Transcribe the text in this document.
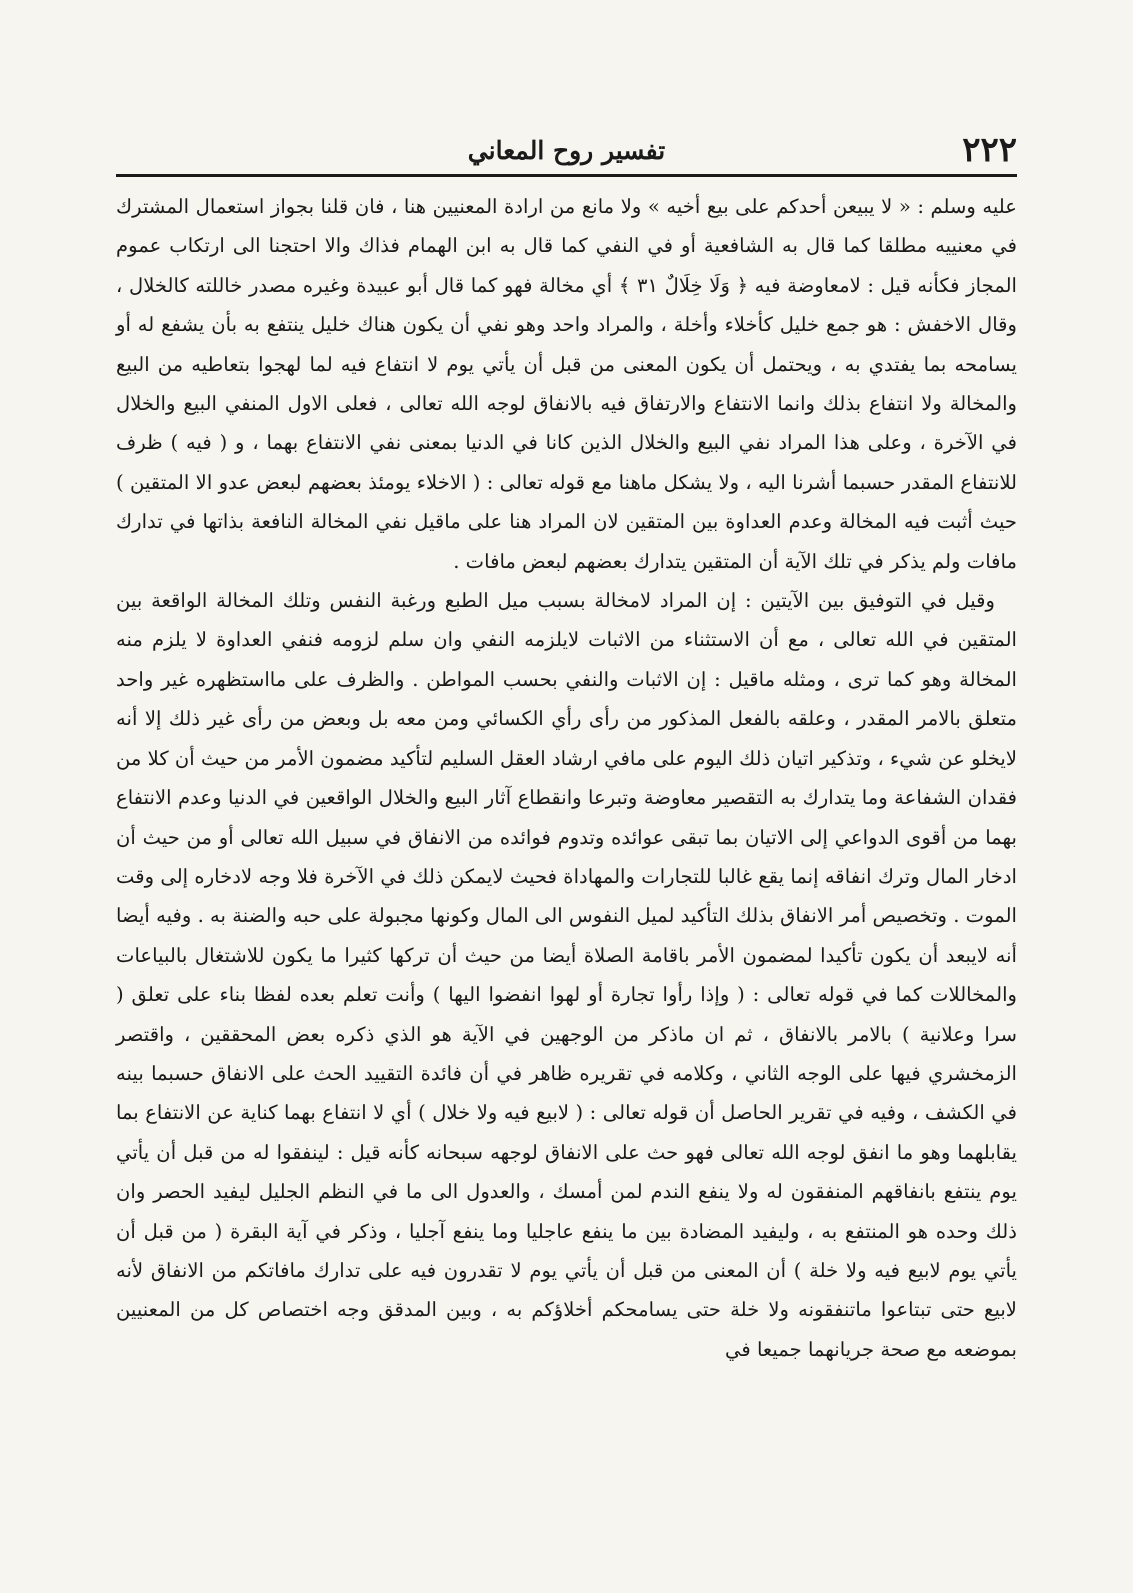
٢٢٢
تفسير روح المعاني

عليه وسلم : « لا يبيعن أحدكم على بيع أخيه » ولا مانع من ارادة المعنيين هنا ، فان قلنا بجواز استعمال المشترك في معنييه مطلقا كما قال به الشافعية أو في النفي كما قال به ابن الهمام فذاك والا احتجنا الى ارتكاب عموم المجاز فكأنه قيل : لامعاوضة فيه ﴿ وَلَا خِلَالٌ ٣١ ﴾ أي مخالة فهو كما قال أبو عبيدة وغيره مصدر خاللته كالخلال ، وقال الاخفش : هو جمع خليل كأخلاء وأخلة ، والمراد واحد وهو نفي أن يكون هناك خليل ينتفع به بأن يشفع له أو يسامحه بما يفتدي به ، ويحتمل أن يكون المعنى من قبل أن يأتي يوم لا انتفاع فيه لما لهجوا بتعاطيه من البيع والمخالة ولا انتفاع بذلك وانما الانتفاع والارتفاق فيه بالانفاق لوجه الله تعالى ، فعلى الاول المنفي البيع والخلال في الآخرة ، وعلى هذا المراد نفي البيع والخلال الذين كانا في الدنيا بمعنى نفي الانتفاع بهما ، و ( فيه ) ظرف للانتفاع المقدر حسبما أشرنا اليه ، ولا يشكل ماهنا مع قوله تعالى : ( الاخلاء يومئذ بعضهم لبعض عدو الا المتقين ) حيث أثبت فيه المخالة وعدم العداوة بين المتقين لان المراد هنا على ماقيل نفي المخالة النافعة بذاتها في تدارك مافات ولم يذكر في تلك الآية أن المتقين يتدارك بعضهم لبعض مافات .

وقيل في التوفيق بين الآيتين : إن المراد لامخالة بسبب ميل الطبع ورغبة النفس وتلك المخالة الواقعة بين المتقين في الله تعالى ، مع أن الاستثناء من الاثبات لايلزمه النفي وان سلم لزومه فنفي العداوة لا يلزم منه المخالة وهو كما ترى ، ومثله ماقيل : إن الاثبات والنفي بحسب المواطن . والظرف على مااستظهره غير واحد متعلق بالامر المقدر ، وعلقه بالفعل المذكور من رأى رأي الكسائي ومن معه بل وبعض من رأى غير ذلك إلا أنه لايخلو عن شيء ، وتذكير اتيان ذلك اليوم على مافي ارشاد العقل السليم لتأكيد مضمون الأمر من حيث أن كلا من فقدان الشفاعة وما يتدارك به التقصير معاوضة وتبرعا وانقطاع آثار البيع والخلال الواقعين في الدنيا وعدم الانتفاع بهما من أقوى الدواعي إلى الاتيان بما تبقى عوائده وتدوم فوائده من الانفاق في سبيل الله تعالى أو من حيث أن ادخار المال وترك انفاقه إنما يقع غالبا للتجارات والمهاداة فحيث لايمكن ذلك في الآخرة فلا وجه لادخاره إلى وقت الموت . وتخصيص أمر الانفاق بذلك التأكيد لميل النفوس الى المال وكونها مجبولة على حبه والضنة به . وفيه أيضا أنه لايبعد أن يكون تأكيدا لمضمون الأمر باقامة الصلاة أيضا من حيث أن تركها كثيرا ما يكون للاشتغال بالبياعات والمخاللات كما في قوله تعالى : ( وإذا رأوا تجارة أو لهوا انفضوا اليها ) وأنت تعلم بعده لفظا بناء على تعلق ( سرا وعلانية ) بالامر بالانفاق ، ثم ان ماذكر من الوجهين في الآية هو الذي ذكره بعض المحققين ، واقتصر الزمخشري فيها على الوجه الثاني ، وكلامه في تقريره ظاهر في أن فائدة التقييد الحث على الانفاق حسبما بينه في الكشف ، وفيه في تقرير الحاصل أن قوله تعالى : ( لابيع فيه ولا خلال ) أي لا انتفاع بهما كناية عن الانتفاع بما يقابلهما وهو ما انفق لوجه الله تعالى فهو حث على الانفاق لوجهه سبحانه كأنه قيل : لينفقوا له من قبل أن يأتي يوم ينتفع بانفاقهم المنفقون له ولا ينفع الندم لمن أمسك ، والعدول الى ما في النظم الجليل ليفيد الحصر وان ذلك وحده هو المنتفع به ، وليفيد المضادة بين ما ينفع عاجليا وما ينفع آجليا ، وذكر في آية البقرة ( من قبل أن يأتي يوم لابيع فيه ولا خلة ) أن المعنى من قبل أن يأتي يوم لا تقدرون فيه على تدارك مافاتكم من الانفاق لأنه لابيع حتى تبتاعوا ماتنفقونه ولا خلة حتى يسامحكم أخلاؤكم به ، وبين المدقق وجه اختصاص كل من المعنيين بموضعه مع صحة جريانهما جميعا في
